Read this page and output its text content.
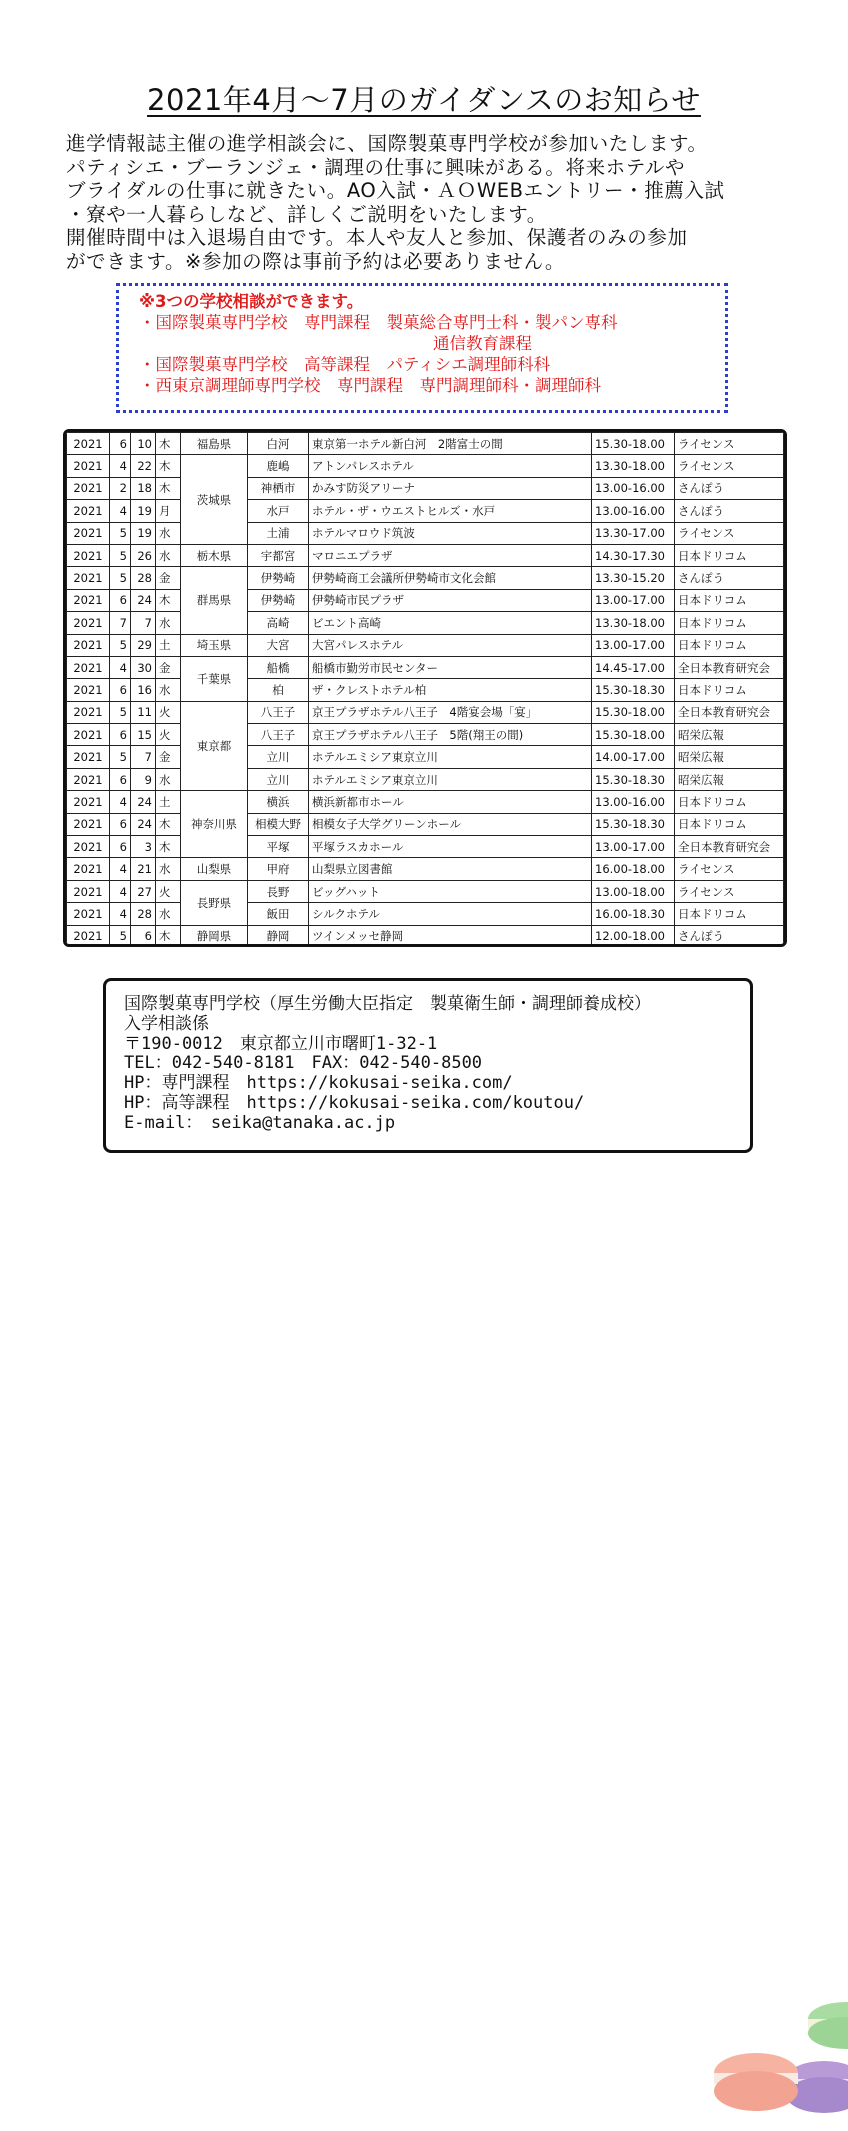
2021年4月～7月のガイダンスのお知らせ
進学情報誌主催の進学相談会に、国際製菓専門学校が参加いたします。
パティシエ・ブーランジェ・調理の仕事に興味がある。将来ホテルや
ブライダルの仕事に就きたい。AO入試・ＡＯWEBエントリー・推薦入試
・寮や一人暮らしなど、詳しくご説明をいたします。
開催時間中は入退場自由です。本人や友人と参加、保護者のみの参加
ができます。※参加の際は事前予約は必要ありません。
※3つの学校相談ができます。
・国際製菓専門学校　専門課程　製菓総合専門士科・製パン専科
通信教育課程
・国際製菓専門学校　高等課程　パティシエ調理師科科
・西東京調理師専門学校　専門課程　専門調理師科・調理師科
2021	6	10	木	福島県	白河	東京第一ホテル新白河　2階富士の間	15.30-18.00	ライセンス
2021	4	22	木	茨城県	鹿嶋	アトンパレスホテル	13.30-18.00	ライセンス
2021	2	18	木		神栖市	かみす防災アリーナ	13.00-16.00	さんぽう
2021	4	19	月		水戸	ホテル・ザ・ウエストヒルズ・水戸	13.00-16.00	さんぽう
2021	5	19	水		土浦	ホテルマロウド筑波	13.30-17.00	ライセンス
2021	5	26	水	栃木県	宇都宮	マロニエプラザ	14.30-17.30	日本ドリコム
2021	5	28	金	群馬県	伊勢崎	伊勢崎商工会議所伊勢崎市文化会館	13.30-15.20	さんぽう
2021	6	24	木		伊勢崎	伊勢崎市民プラザ	13.00-17.00	日本ドリコム
2021	7	7	水		高崎	ビエント高崎	13.30-18.00	日本ドリコム
2021	5	29	土	埼玉県	大宮	大宮パレスホテル	13.00-17.00	日本ドリコム
2021	4	30	金	千葉県	船橋	船橋市勤労市民センター	14.45-17.00	全日本教育研究会
2021	6	16	水		柏	ザ・クレストホテル柏	15.30-18.30	日本ドリコム
2021	5	11	火	東京都	八王子	京王プラザホテル八王子　4階宴会場「宴」	15.30-18.00	全日本教育研究会
2021	6	15	火		八王子	京王プラザホテル八王子　5階(翔王の間)	15.30-18.00	昭栄広報
2021	5	7	金		立川	ホテルエミシア東京立川	14.00-17.00	昭栄広報
2021	6	9	水		立川	ホテルエミシア東京立川	15.30-18.30	昭栄広報
2021	4	24	土	神奈川県	横浜	横浜新都市ホール	13.00-16.00	日本ドリコム
2021	6	24	木		相模大野	相模女子大学グリーンホール	15.30-18.30	日本ドリコム
2021	6	3	木		平塚	平塚ラスカホール	13.00-17.00	全日本教育研究会
2021	4	21	水	山梨県	甲府	山梨県立図書館	16.00-18.00	ライセンス
2021	4	27	火	長野県	長野	ビッグハット	13.00-18.00	ライセンス
2021	4	28	水		飯田	シルクホテル	16.00-18.30	日本ドリコム
2021	5	6	木	静岡県	静岡	ツインメッセ静岡	12.00-18.00	さんぽう
国際製菓専門学校（厚生労働大臣指定　製菓衛生師・調理師養成校）
入学相談係
〒190-0012　東京都立川市曙町1-32-1
TEL：042-540-8181　FAX：042-540-8500
HP：専門課程　https://kokusai-seika.com/
HP：高等課程　https://kokusai-seika.com/koutou/
E-mail：　seika@tanaka.ac.jp
